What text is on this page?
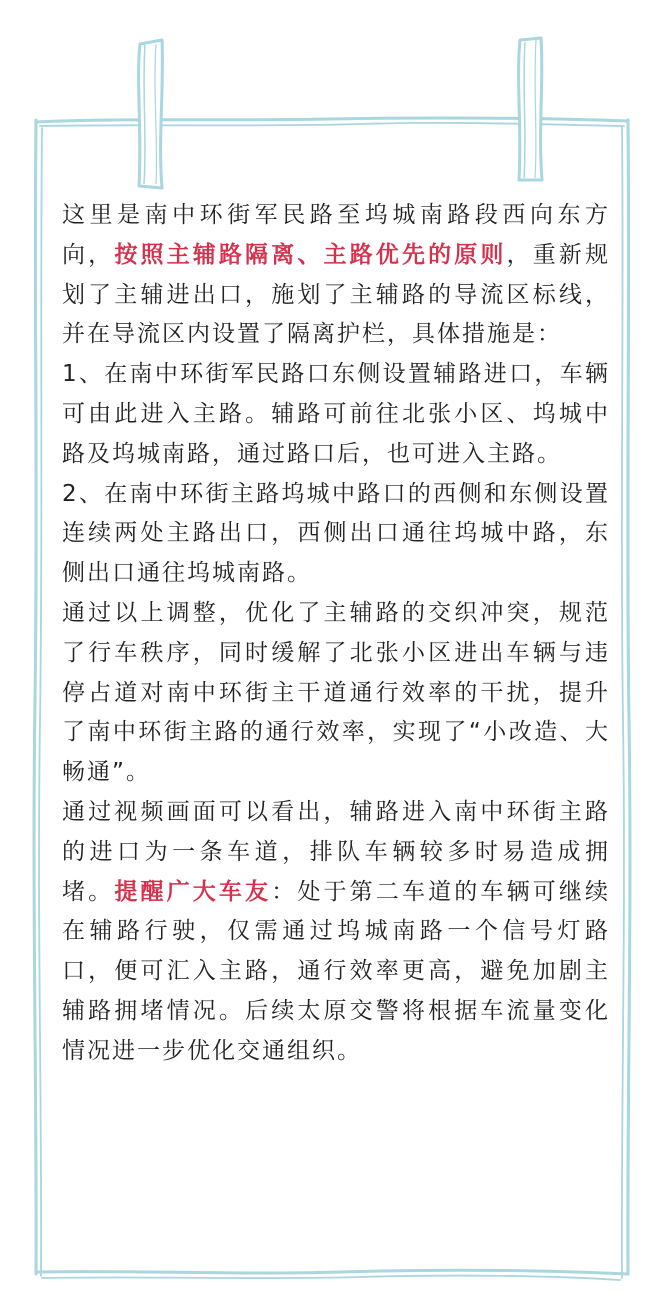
这里是南中环街军民路至坞城南路段西向东方向，按照主辅路隔离、主路优先的原则，重新规划了主辅进出口，施划了主辅路的导流区标线，并在导流区内设置了隔离护栏，具体措施是：

1、在南中环街军民路口东侧设置辅路进口，车辆可由此进入主路。辅路可前往北张小区、坞城中路及坞城南路，通过路口后，也可进入主路。

2、在南中环街主路坞城中路口的西侧和东侧设置连续两处主路出口，西侧出口通往坞城中路，东侧出口通往坞城南路。

通过以上调整，优化了主辅路的交织冲突，规范了行车秩序，同时缓解了北张小区进出车辆与违停占道对南中环街主干道通行效率的干扰，提升了南中环街主路的通行效率，实现了“小改造、大畅通”。

通过视频画面可以看出，辅路进入南中环街主路的进口为一条车道，排队车辆较多时易造成拥堵。提醒广大车友：处于第二车道的车辆可继续在辅路行驶，仅需通过坞城南路一个信号灯路口，便可汇入主路，通行效率更高，避免加剧主辅路拥堵情况。后续太原交警将根据车流量变化情况进一步优化交通组织。
